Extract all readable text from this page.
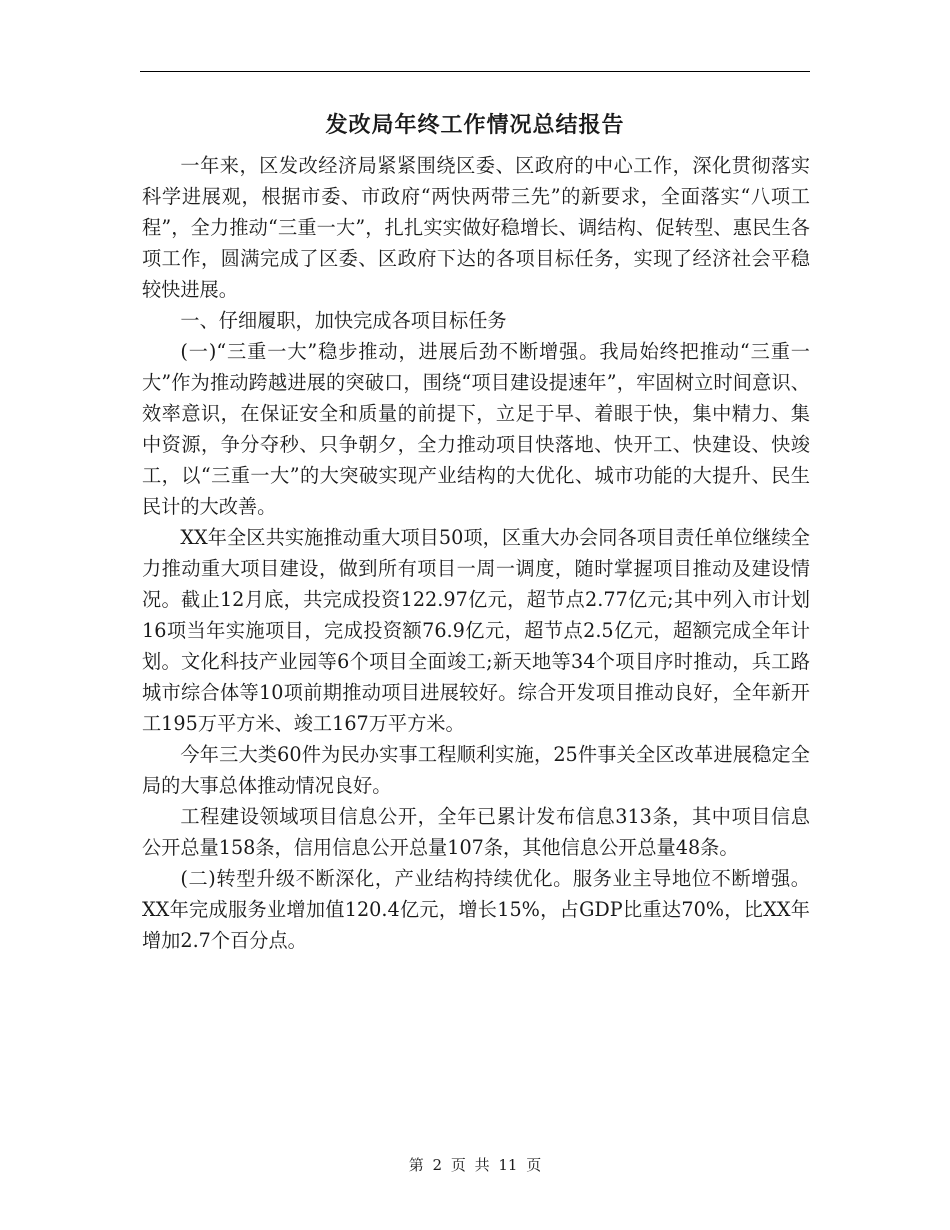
发改局年终工作情况总结报告

一年来，区发改经济局紧紧围绕区委、区政府的中心工作，深化贯彻落实科学进展观，根据市委、市政府“两快两带三先”的新要求，全面落实“八项工程”，全力推动“三重一大”，扎扎实实做好稳增长、调结构、促转型、惠民生各项工作，圆满完成了区委、区政府下达的各项目标任务，实现了经济社会平稳较快进展。

一、仔细履职，加快完成各项目标任务

(一)“三重一大”稳步推动，进展后劲不断增强。我局始终把推动“三重一大”作为推动跨越进展的突破口，围绕“项目建设提速年”，牢固树立时间意识、效率意识，在保证安全和质量的前提下，立足于早、着眼于快，集中精力、集中资源，争分夺秒、只争朝夕，全力推动项目快落地、快开工、快建设、快竣工，以“三重一大”的大突破实现产业结构的大优化、城市功能的大提升、民生民计的大改善。

XX年全区共实施推动重大项目50项，区重大办会同各项目责任单位继续全力推动重大项目建设，做到所有项目一周一调度，随时掌握项目推动及建设情况。截止12月底，共完成投资122.97亿元，超节点2.77亿元;其中列入市计划16项当年实施项目，完成投资额76.9亿元，超节点2.5亿元，超额完成全年计划。文化科技产业园等6个项目全面竣工;新天地等34个项目序时推动，兵工路城市综合体等10项前期推动项目进展较好。综合开发项目推动良好，全年新开工195万平方米、竣工167万平方米。

今年三大类60件为民办实事工程顺利实施，25件事关全区改革进展稳定全局的大事总体推动情况良好。

工程建设领域项目信息公开，全年已累计发布信息313条，其中项目信息公开总量158条，信用信息公开总量107条，其他信息公开总量48条。

(二)转型升级不断深化，产业结构持续优化。服务业主导地位不断增强。XX年完成服务业增加值120.4亿元，增长15%，占GDP比重达70%，比XX年增加2.7个百分点。

第 2 页 共 11 页
